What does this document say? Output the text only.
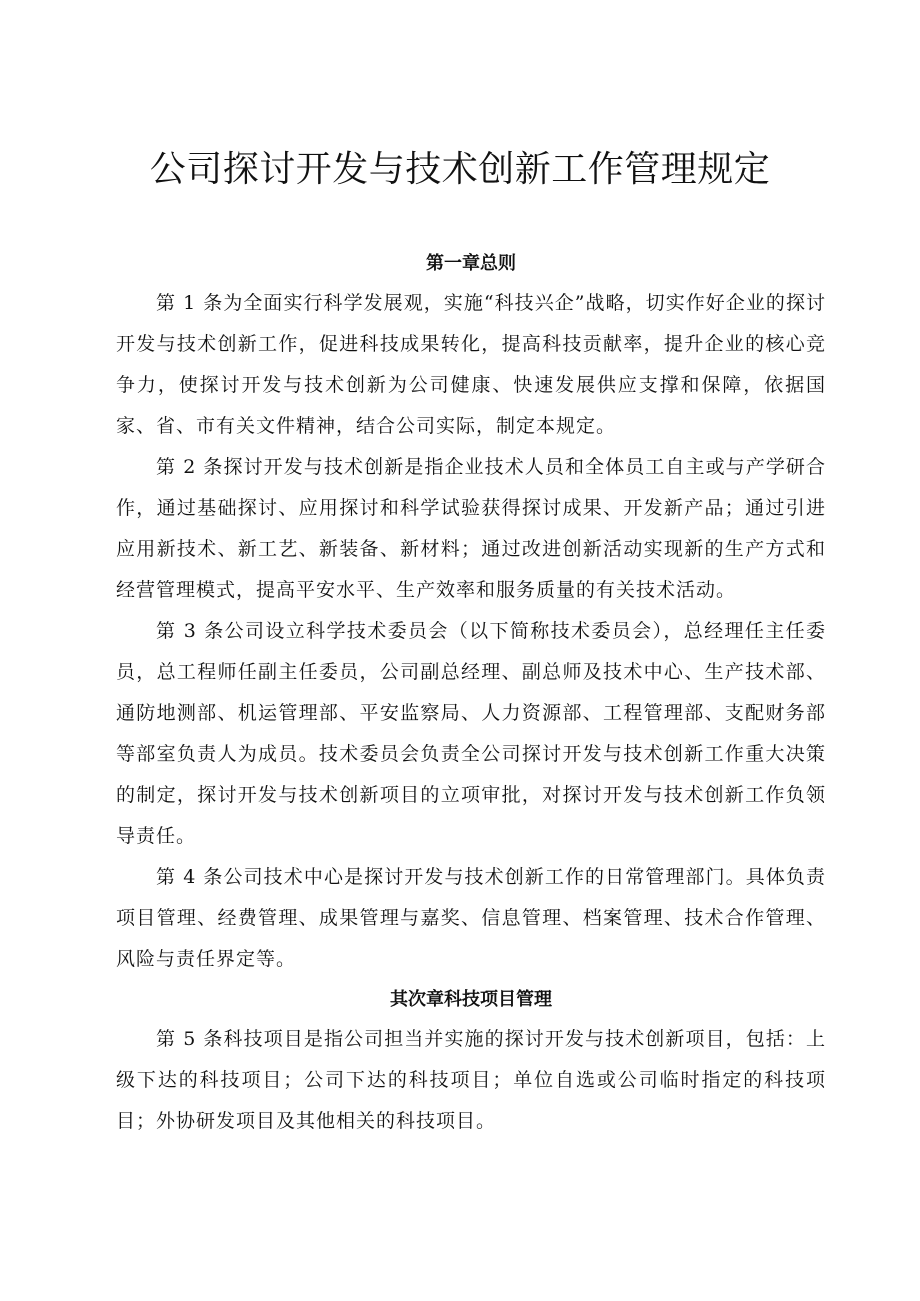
公司探讨开发与技术创新工作管理规定
第一章总则

第 1 条为全面实行科学发展观，实施“科技兴企”战略，切实作好企业的探讨开发与技术创新工作，促进科技成果转化，提高科技贡献率，提升企业的核心竞争力，使探讨开发与技术创新为公司健康、快速发展供应支撑和保障，依据国家、省、市有关文件精神，结合公司实际，制定本规定。

第 2 条探讨开发与技术创新是指企业技术人员和全体员工自主或与产学研合作，通过基础探讨、应用探讨和科学试验获得探讨成果、开发新产品；通过引进应用新技术、新工艺、新装备、新材料；通过改进创新活动实现新的生产方式和经营管理模式，提高平安水平、生产效率和服务质量的有关技术活动。

第 3 条公司设立科学技术委员会（以下简称技术委员会），总经理任主任委员，总工程师任副主任委员，公司副总经理、副总师及技术中心、生产技术部、通防地测部、机运管理部、平安监察局、人力资源部、工程管理部、支配财务部等部室负责人为成员。技术委员会负责全公司探讨开发与技术创新工作重大决策的制定，探讨开发与技术创新项目的立项审批，对探讨开发与技术创新工作负领导责任。

第 4 条公司技术中心是探讨开发与技术创新工作的日常管理部门。具体负责项目管理、经费管理、成果管理与嘉奖、信息管理、档案管理、技术合作管理、风险与责任界定等。

其次章科技项目管理

第 5 条科技项目是指公司担当并实施的探讨开发与技术创新项目，包括：上级下达的科技项目；公司下达的科技项目；单位自选或公司临时指定的科技项目；外协研发项目及其他相关的科技项目。
